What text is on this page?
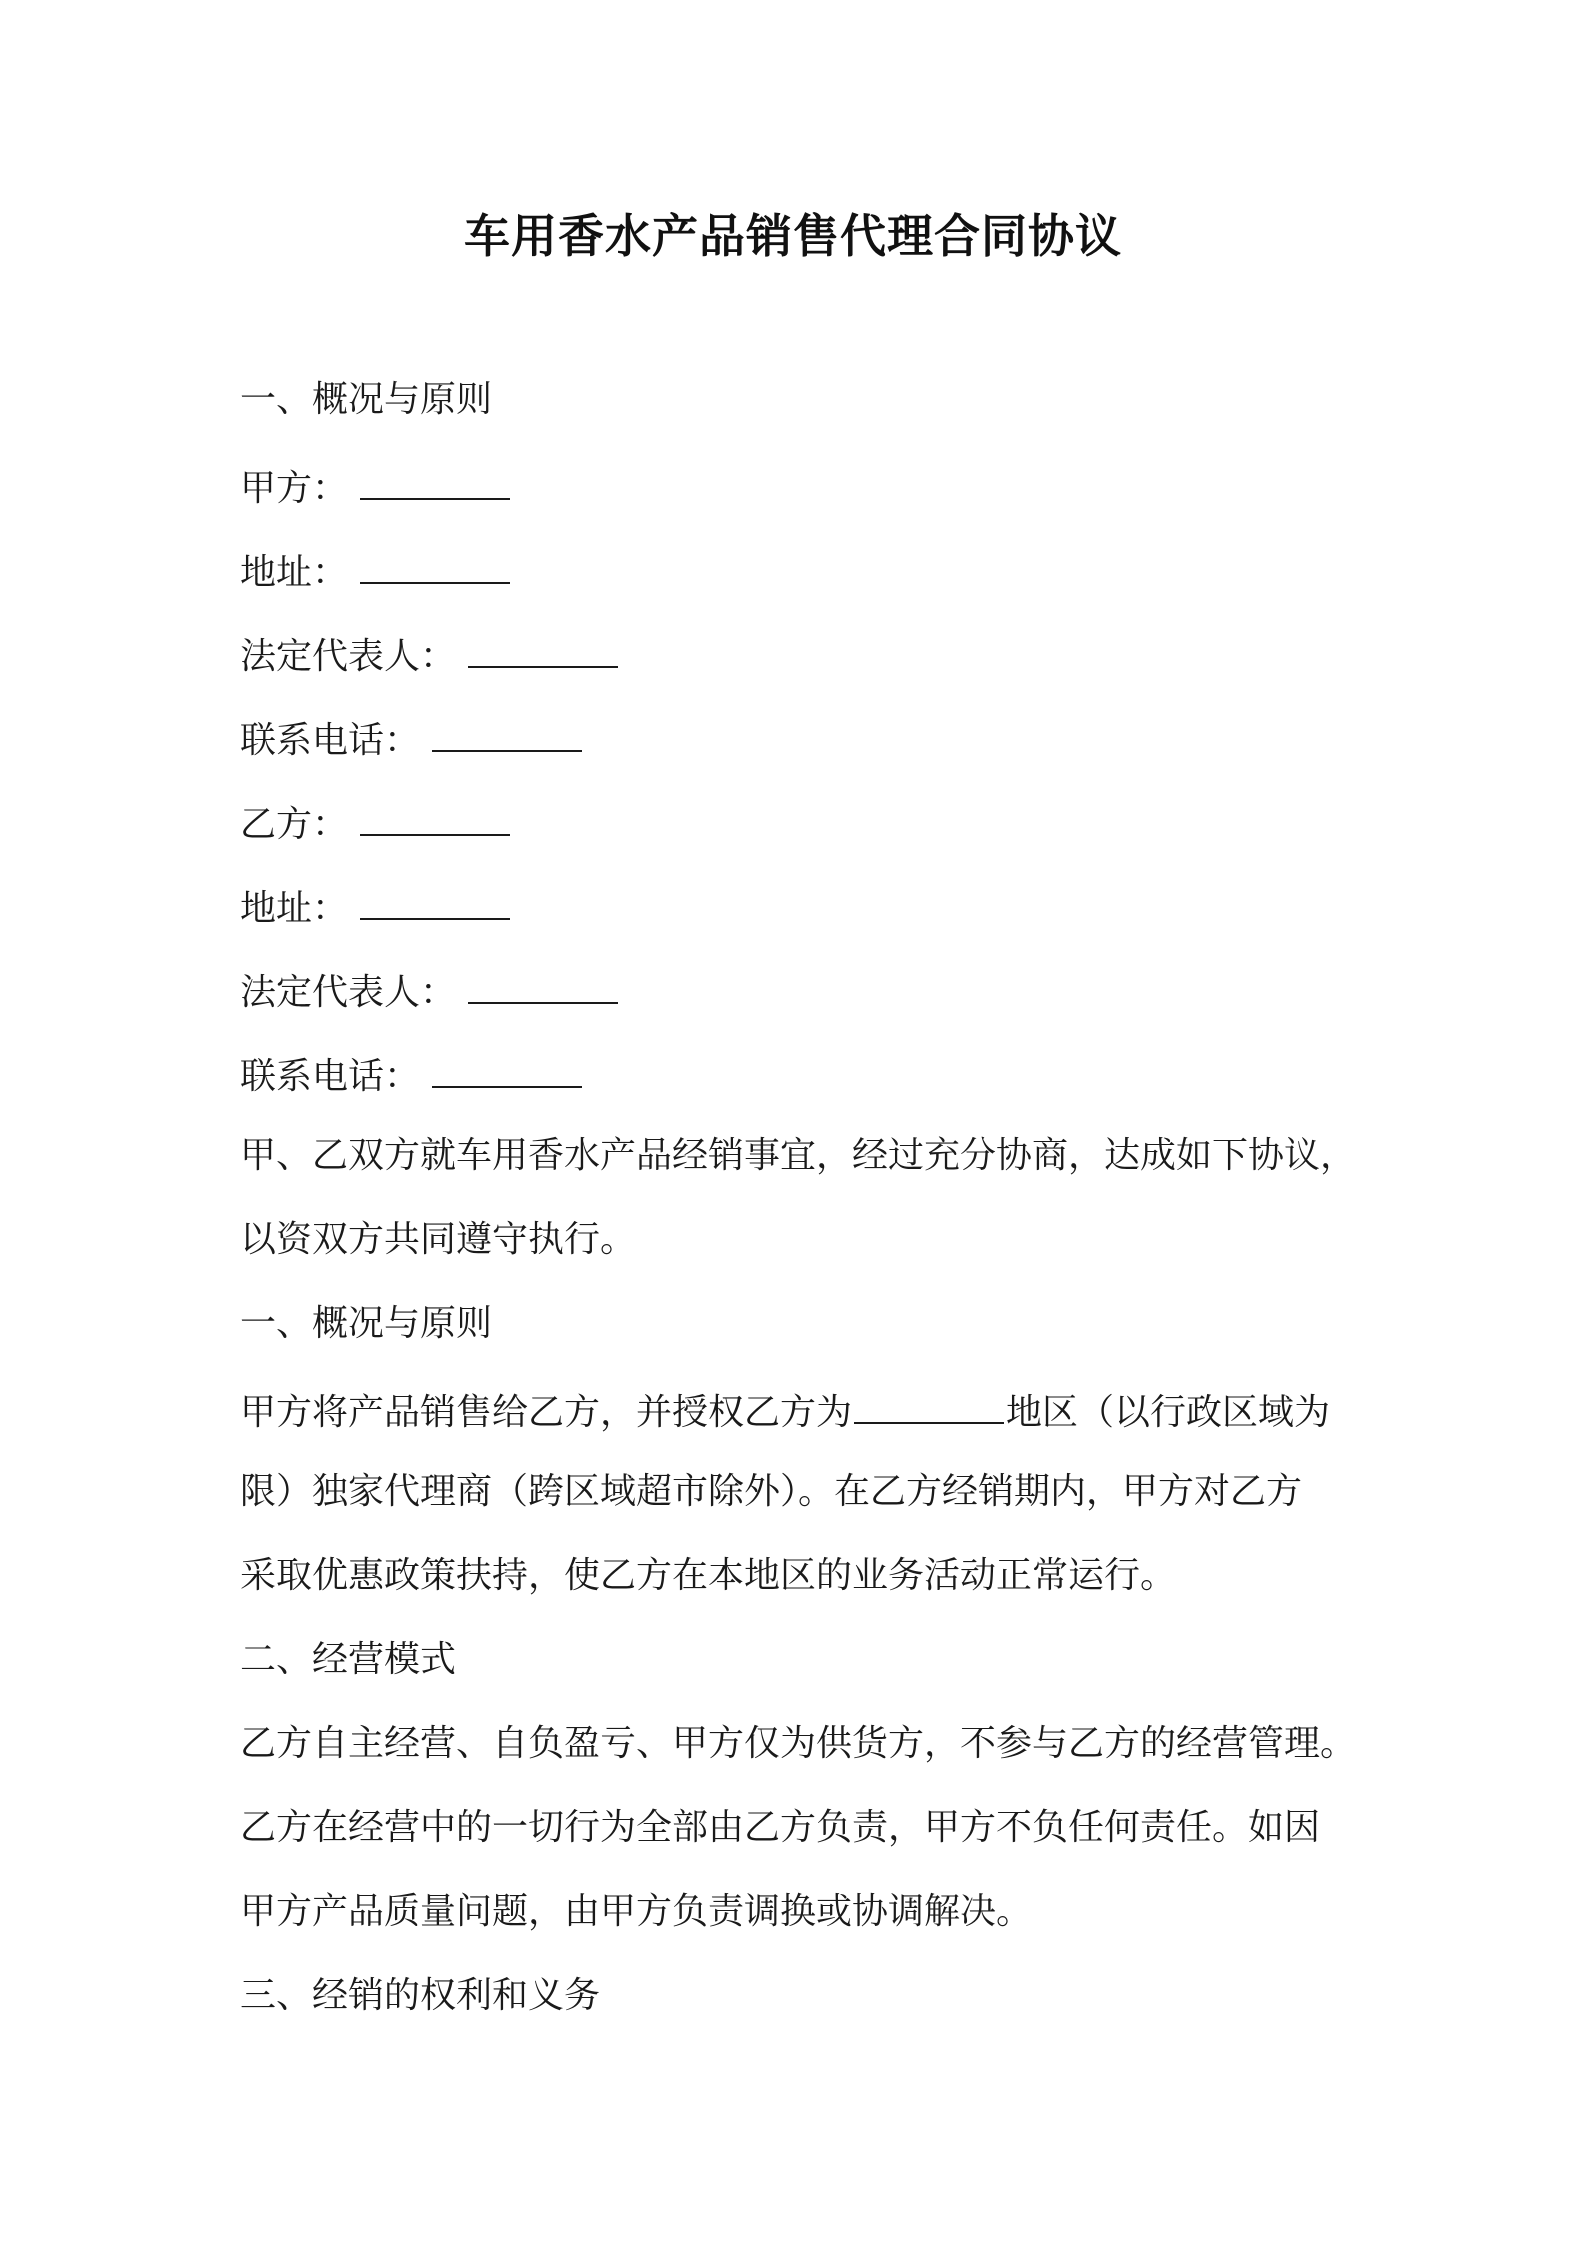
车用香水产品销售代理合同协议
一、概况与原则
甲方：
地址：
法定代表人：
联系电话：
乙方：
地址：
法定代表人：
联系电话：
甲、乙双方就车用香水产品经销事宜，经过充分协商，达成如下协议，
以资双方共同遵守执行。
一、概况与原则
甲方将产品销售给乙方，并授权乙方为	地区（以行政区域为
限）独家代理商（跨区域超市除外）。在乙方经销期内，甲方对乙方
采取优惠政策扶持，使乙方在本地区的业务活动正常运行。
二、经营模式
乙方自主经营、自负盈亏、甲方仅为供货方，不参与乙方的经营管理。
乙方在经营中的一切行为全部由乙方负责，甲方不负任何责任。如因
甲方产品质量问题，由甲方负责调换或协调解决。
三、经销的权利和义务
